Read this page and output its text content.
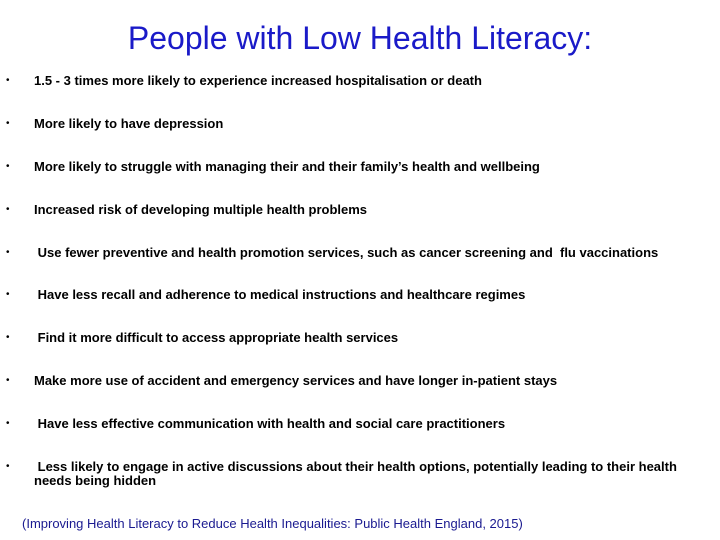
People with Low Health Literacy:
• 1.5 - 3 times more likely to experience increased hospitalisation or death
• More likely to have depression
• More likely to struggle with managing their and their family’s health and wellbeing
• Increased risk of developing multiple health problems
• Use fewer preventive and health promotion services, such as cancer screening and  flu vaccinations
• Have less recall and adherence to medical instructions and healthcare regimes
• Find it more difficult to access appropriate health services
• Make more use of accident and emergency services and have longer in-patient stays
• Have less effective communication with health and social care practitioners
• Less likely to engage in active discussions about their health options, potentially leading to their health needs being hidden
(Improving Health Literacy to Reduce Health Inequalities: Public Health England, 2015)
